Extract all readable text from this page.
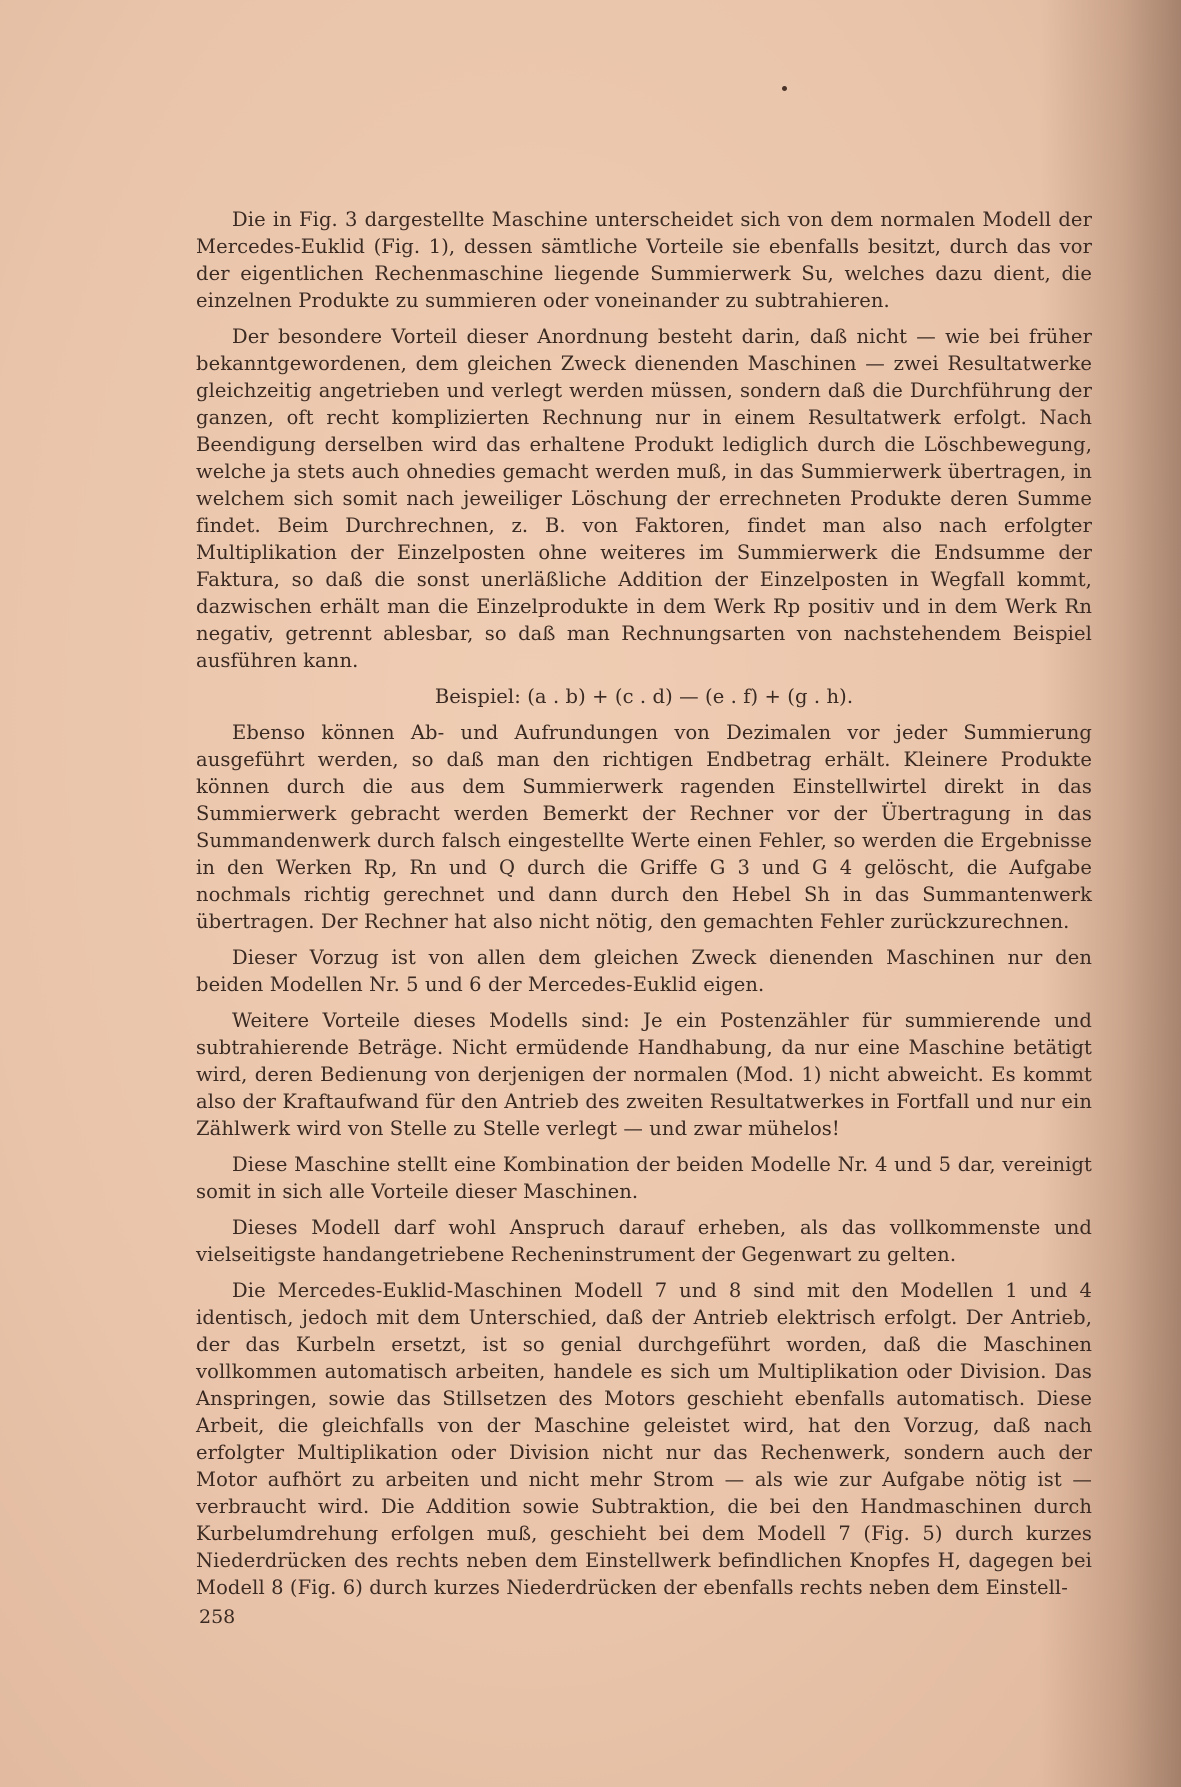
Die in Fig. 3 dargestellte Maschine unterscheidet sich von dem normalen Modell der Mercedes-Euklid (Fig. 1), dessen sämtliche Vorteile sie ebenfalls besitzt, durch das vor der eigentlichen Rechenmaschine liegende Summierwerk Su, welches dazu dient, die einzelnen Produkte zu summieren oder voneinander zu subtrahieren.

Der besondere Vorteil dieser Anordnung besteht darin, daß nicht — wie bei früher bekanntgewordenen, dem gleichen Zweck dienenden Maschinen — zwei Resultatwerke gleichzeitig angetrieben und verlegt werden müssen, sondern daß die Durchführung der ganzen, oft recht komplizierten Rechnung nur in einem Resultatwerk erfolgt. Nach Beendigung derselben wird das erhaltene Produkt lediglich durch die Löschbewegung, welche ja stets auch ohnedies gemacht werden muß, in das Summierwerk übertragen, in welchem sich somit nach jeweiliger Löschung der errechneten Produkte deren Summe findet. Beim Durchrechnen, z. B. von Faktoren, findet man also nach erfolgter Multiplikation der Einzelposten ohne weiteres im Summierwerk die Endsumme der Faktura, so daß die sonst unerläßliche Addition der Einzelposten in Wegfall kommt, dazwischen erhält man die Einzelprodukte in dem Werk Rp positiv und in dem Werk Rn negativ, getrennt ablesbar, so daß man Rechnungsarten von nachstehendem Beispiel ausführen kann.

Beispiel: (a . b) + (c . d) — (e . f) + (g . h).

Ebenso können Ab- und Aufrundungen von Dezimalen vor jeder Summierung ausgeführt werden, so daß man den richtigen Endbetrag erhält. Kleinere Produkte können durch die aus dem Summierwerk ragenden Einstellwirtel direkt in das Summierwerk gebracht werden Bemerkt der Rechner vor der Übertragung in das Summandenwerk durch falsch eingestellte Werte einen Fehler, so werden die Ergebnisse in den Werken Rp, Rn und Q durch die Griffe G 3 und G 4 gelöscht, die Aufgabe nochmals richtig gerechnet und dann durch den Hebel Sh in das Summantenwerk übertragen. Der Rechner hat also nicht nötig, den gemachten Fehler zurückzurechnen.

Dieser Vorzug ist von allen dem gleichen Zweck dienenden Maschinen nur den beiden Modellen Nr. 5 und 6 der Mercedes-Euklid eigen.

Weitere Vorteile dieses Modells sind: Je ein Postenzähler für summierende und subtrahierende Beträge. Nicht ermüdende Handhabung, da nur eine Maschine betätigt wird, deren Bedienung von derjenigen der normalen (Mod. 1) nicht abweicht. Es kommt also der Kraftaufwand für den Antrieb des zweiten Resultatwerkes in Fortfall und nur ein Zählwerk wird von Stelle zu Stelle verlegt — und zwar mühelos!

Diese Maschine stellt eine Kombination der beiden Modelle Nr. 4 und 5 dar, vereinigt somit in sich alle Vorteile dieser Maschinen.

Dieses Modell darf wohl Anspruch darauf erheben, als das vollkommenste und vielseitigste handangetriebene Recheninstrument der Gegenwart zu gelten.

Die Mercedes-Euklid-Maschinen Modell 7 und 8 sind mit den Modellen 1 und 4 identisch, jedoch mit dem Unterschied, daß der Antrieb elektrisch erfolgt. Der Antrieb, der das Kurbeln ersetzt, ist so genial durchgeführt worden, daß die Maschinen vollkommen automatisch arbeiten, handele es sich um Multiplikation oder Division. Das Anspringen, sowie das Stillsetzen des Motors geschieht ebenfalls automatisch. Diese Arbeit, die gleichfalls von der Maschine geleistet wird, hat den Vorzug, daß nach erfolgter Multiplikation oder Division nicht nur das Rechenwerk, sondern auch der Motor aufhört zu arbeiten und nicht mehr Strom — als wie zur Aufgabe nötig ist — verbraucht wird. Die Addition sowie Subtraktion, die bei den Handmaschinen durch Kurbelumdrehung erfolgen muß, geschieht bei dem Modell 7 (Fig. 5) durch kurzes Niederdrücken des rechts neben dem Einstellwerk befindlichen Knopfes H, dagegen bei Modell 8 (Fig. 6) durch kurzes Niederdrücken der ebenfalls rechts neben dem Einstell-

258
